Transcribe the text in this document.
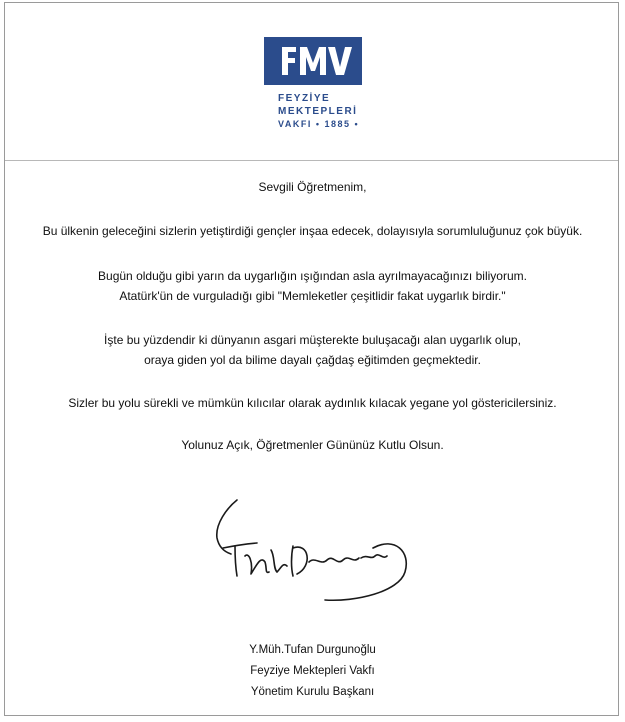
FEYZİYE
MEKTEPLERİ
VAKFI • 1885 •
Sevgili Öğretmenim,
Bu ülkenin geleceğini sizlerin yetiştirdiği gençler inşaa edecek, dolayısıyla sorumluluğunuz çok büyük.
Bugün olduğu gibi yarın da uygarlığın ışığından asla ayrılmayacağınızı biliyorum.
Atatürk'ün de vurguladığı gibi "Memleketler çeşitlidir fakat uygarlık birdir."
İşte bu yüzdendir ki dünyanın asgari müşterekte buluşacağı alan uygarlık olup,
oraya giden yol da bilime dayalı çağdaş eğitimden geçmektedir.
Sizler bu yolu sürekli ve mümkün kılıcılar olarak aydınlık kılacak yegane yol göstericilersiniz.
Yolunuz Açık, Öğretmenler Gününüz Kutlu Olsun.
Y.Müh.Tufan Durgunoğlu
Feyziye Mektepleri Vakfı
Yönetim Kurulu Başkanı
